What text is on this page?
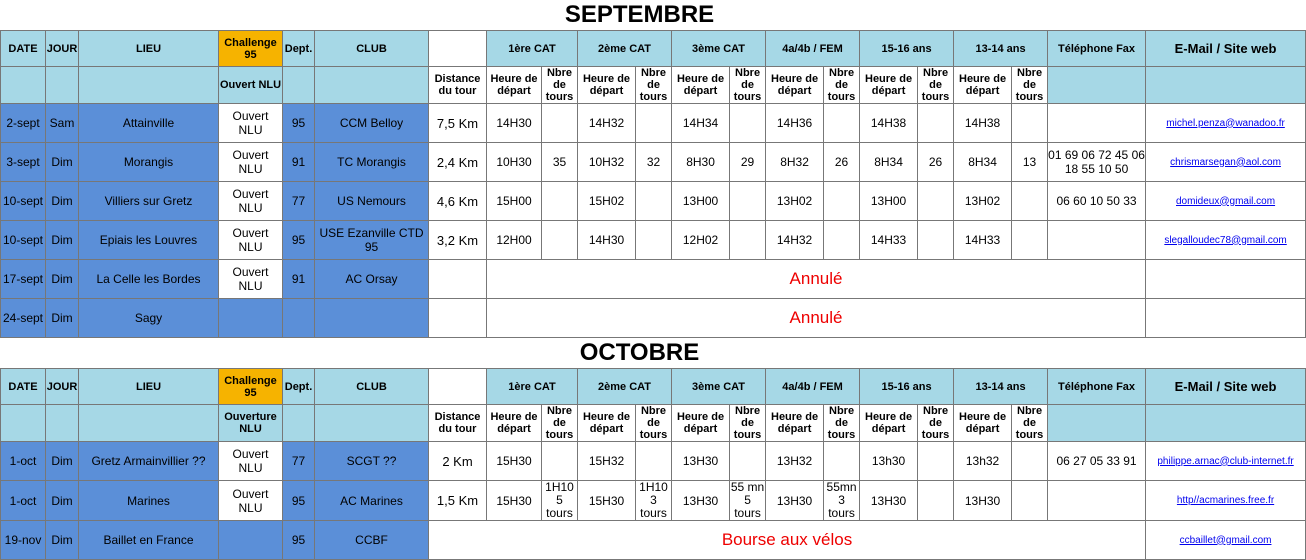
SEPTEMBRE
DATE	JOUR	LIEU	Challenge 95	Dept.	CLUB		1ère CAT		2ème CAT		3ème CAT		4a/4b / FEM		15-16 ans		13-14 ans		Téléphone Fax	E-Mail / Site web
			Ouvert NLU			Distance du tour	Heure de départ	Nbre de tours	Heure de départ	Nbre de tours	Heure de départ	Nbre de tours	Heure de départ	Nbre de tours	Heure de départ	Nbre de tours	Heure de départ	Nbre de tours		
2-sept	Sam	Attainville	Ouvert NLU	95	CCM Belloy	7,5 Km	14H30		14H32		14H34		14H36		14H38		14H38			michel.penza@wanadoo.fr
3-sept	Dim	Morangis	Ouvert NLU	91	TC Morangis	2,4 Km	10H30	35	10H32	32	8H30	29	8H32	26	8H34	26	8H34	13	01 69 06 72 45 06 18 55 10 50	chrismarsegan@aol.com
10-sept	Dim	Villiers sur Gretz	Ouvert NLU	77	US Nemours	4,6 Km	15H00		15H02		13H00		13H02		13H00		13H02		06 60 10 50 33	domideux@gmail.com
10-sept	Dim	Epiais les Louvres	Ouvert NLU	95	USE Ezanville CTD 95	3,2 Km	12H00		14H30		12H02		14H32		14H33		14H33			slegalloudec78@gmail.com
17-sept	Dim	La Celle les Bordes	Ouvert NLU	91	AC Orsay		Annulé													
24-sept	Dim	Sagy					Annulé													
OCTOBRE
DATE	JOUR	LIEU	Challenge 95	Dept.	CLUB		1ère CAT		2ème CAT		3ème CAT		4a/4b / FEM		15-16 ans		13-14 ans		Téléphone Fax	E-Mail / Site web
			Ouverture NLU			Distance du tour	Heure de départ	Nbre de tours	Heure de départ	Nbre de tours	Heure de départ	Nbre de tours	Heure de départ	Nbre de tours	Heure de départ	Nbre de tours	Heure de départ	Nbre de tours		
1-oct	Dim	Gretz Armainvillier ??	Ouvert NLU	77	SCGT ??	2 Km	15H30		15H32		13H30		13H32		13h30		13h32		06 27 05 33 91	philippe.arnac@club-internet.fr
1-oct	Dim	Marines	Ouvert NLU	95	AC Marines	1,5 Km	15H30	1H10 5 tours	15H30	1H10 3 tours	13H30	55 mn 5 tours	13H30	55mn 3 tours	13H30		13H30			http//acmarines.free.fr
19-nov	Dim	Baillet en France		95	CCBF	Bourse aux vélos														ccbaillet@gmail.com
